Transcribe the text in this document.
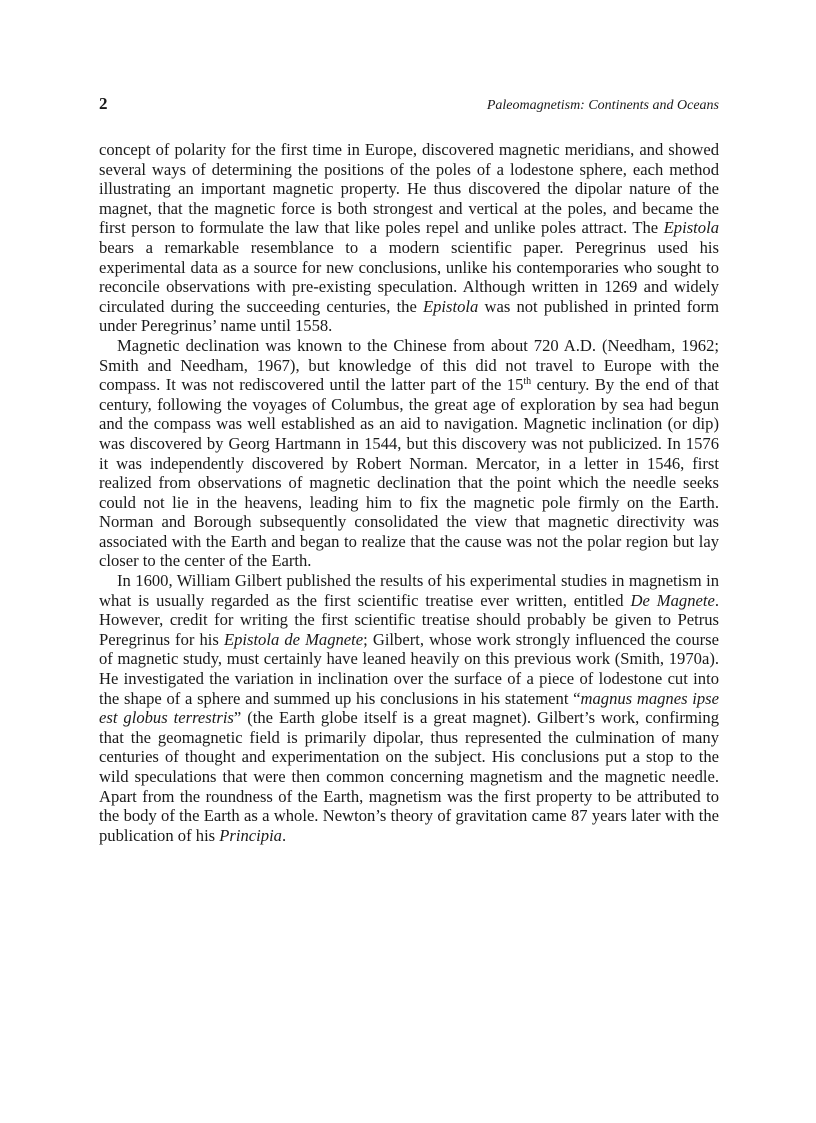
2	Paleomagnetism: Continents and Oceans

concept of polarity for the first time in Europe, discovered magnetic meridians, and showed several ways of determining the positions of the poles of a lodestone sphere, each method illustrating an important magnetic property. He thus discovered the dipolar nature of the magnet, that the magnetic force is both strongest and vertical at the poles, and became the first person to formulate the law that like poles repel and unlike poles attract. The Epistola bears a remarkable resemblance to a modern scientific paper. Peregrinus used his experimental data as a source for new conclusions, unlike his contemporaries who sought to reconcile observations with pre-existing speculation. Although written in 1269 and widely circulated during the succeeding centuries, the Epistola was not published in printed form under Peregrinus’ name until 1558.

Magnetic declination was known to the Chinese from about 720 A.D. (Needham, 1962; Smith and Needham, 1967), but knowledge of this did not travel to Europe with the compass. It was not rediscovered until the latter part of the 15th century. By the end of that century, following the voyages of Columbus, the great age of exploration by sea had begun and the compass was well established as an aid to navigation. Magnetic inclination (or dip) was discovered by Georg Hartmann in 1544, but this discovery was not publicized. In 1576 it was independently discovered by Robert Norman. Mercator, in a letter in 1546, first realized from observations of magnetic declination that the point which the needle seeks could not lie in the heavens, leading him to fix the magnetic pole firmly on the Earth. Norman and Borough subsequently consolidated the view that magnetic directivity was associated with the Earth and began to realize that the cause was not the polar region but lay closer to the center of the Earth.

In 1600, William Gilbert published the results of his experimental studies in magnetism in what is usually regarded as the first scientific treatise ever written, entitled De Magnete. However, credit for writing the first scientific treatise should probably be given to Petrus Peregrinus for his Epistola de Magnete; Gilbert, whose work strongly influenced the course of magnetic study, must certainly have leaned heavily on this previous work (Smith, 1970a). He investigated the variation in inclination over the surface of a piece of lodestone cut into the shape of a sphere and summed up his conclusions in his statement “magnus magnes ipse est globus terrestris” (the Earth globe itself is a great magnet). Gilbert’s work, confirming that the geomagnetic field is primarily dipolar, thus represented the culmination of many centuries of thought and experimentation on the subject. His conclusions put a stop to the wild speculations that were then common concerning magnetism and the magnetic needle. Apart from the roundness of the Earth, magnetism was the first property to be attributed to the body of the Earth as a whole. Newton’s theory of gravitation came 87 years later with the publication of his Principia.
